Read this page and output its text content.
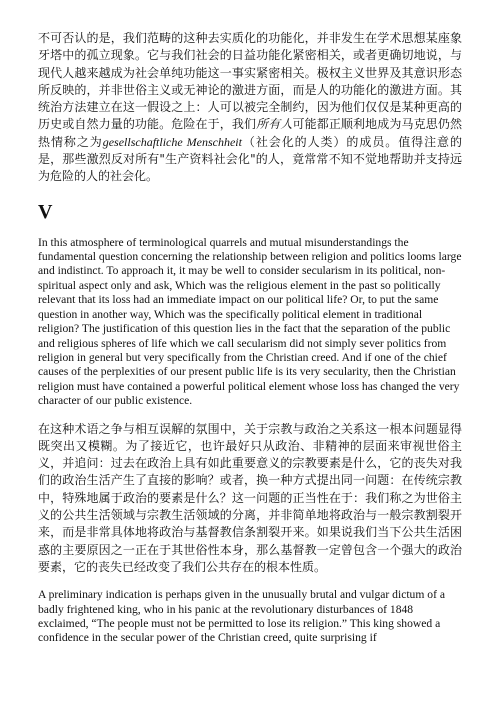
不可否认的是，我们范畴的这种去实质化的功能化，并非发生在学术思想某座象牙塔中的孤立现象。它与我们社会的日益功能化紧密相关，或者更确切地说，与现代人越来越成为社会单纯功能这一事实紧密相关。极权主义世界及其意识形态所反映的，并非世俗主义或无神论的激进方面，而是人的功能化的激进方面。其统治方法建立在这一假设之上：人可以被完全制约，因为他们仅仅是某种更高的历史或自然力量的功能。危险在于，我们所有人可能都正顺利地成为马克思仍然热情称之为gesellschaftliche Menschheit（社会化的人类）的成员。值得注意的是，那些激烈反对所有"生产资料社会化"的人，竟常常不知不觉地帮助并支持远为危险的人的社会化。

V

In this atmosphere of terminological quarrels and mutual misunderstandings the fundamental question concerning the relationship between religion and politics looms large and indistinct. To approach it, it may be well to consider secularism in its political, non-spiritual aspect only and ask, Which was the religious element in the past so politically relevant that its loss had an immediate impact on our political life? Or, to put the same question in another way, Which was the specifically political element in traditional religion? The justification of this question lies in the fact that the separation of the public and religious spheres of life which we call secularism did not simply sever politics from religion in general but very specifically from the Christian creed. And if one of the chief causes of the perplexities of our present public life is its very secularity, then the Christian religion must have contained a powerful political element whose loss has changed the very character of our public existence.

在这种术语之争与相互误解的氛围中，关于宗教与政治之关系这一根本问题显得既突出又模糊。为了接近它，也许最好只从政治、非精神的层面来审视世俗主义，并追问：过去在政治上具有如此重要意义的宗教要素是什么，它的丧失对我们的政治生活产生了直接的影响？或者，换一种方式提出同一问题：在传统宗教中，特殊地属于政治的要素是什么？这一问题的正当性在于：我们称之为世俗主义的公共生活领域与宗教生活领域的分离，并非简单地将政治与一般宗教割裂开来，而是非常具体地将政治与基督教信条割裂开来。如果说我们当下公共生活困惑的主要原因之一正在于其世俗性本身，那么基督教一定曾包含一个强大的政治要素，它的丧失已经改变了我们公共存在的根本性质。

A preliminary indication is perhaps given in the unusually brutal and vulgar dictum of a badly frightened king, who in his panic at the revolutionary disturbances of 1848 exclaimed, “The people must not be permitted to lose its religion.” This king showed a confidence in the secular power of the Christian creed, quite surprising if
